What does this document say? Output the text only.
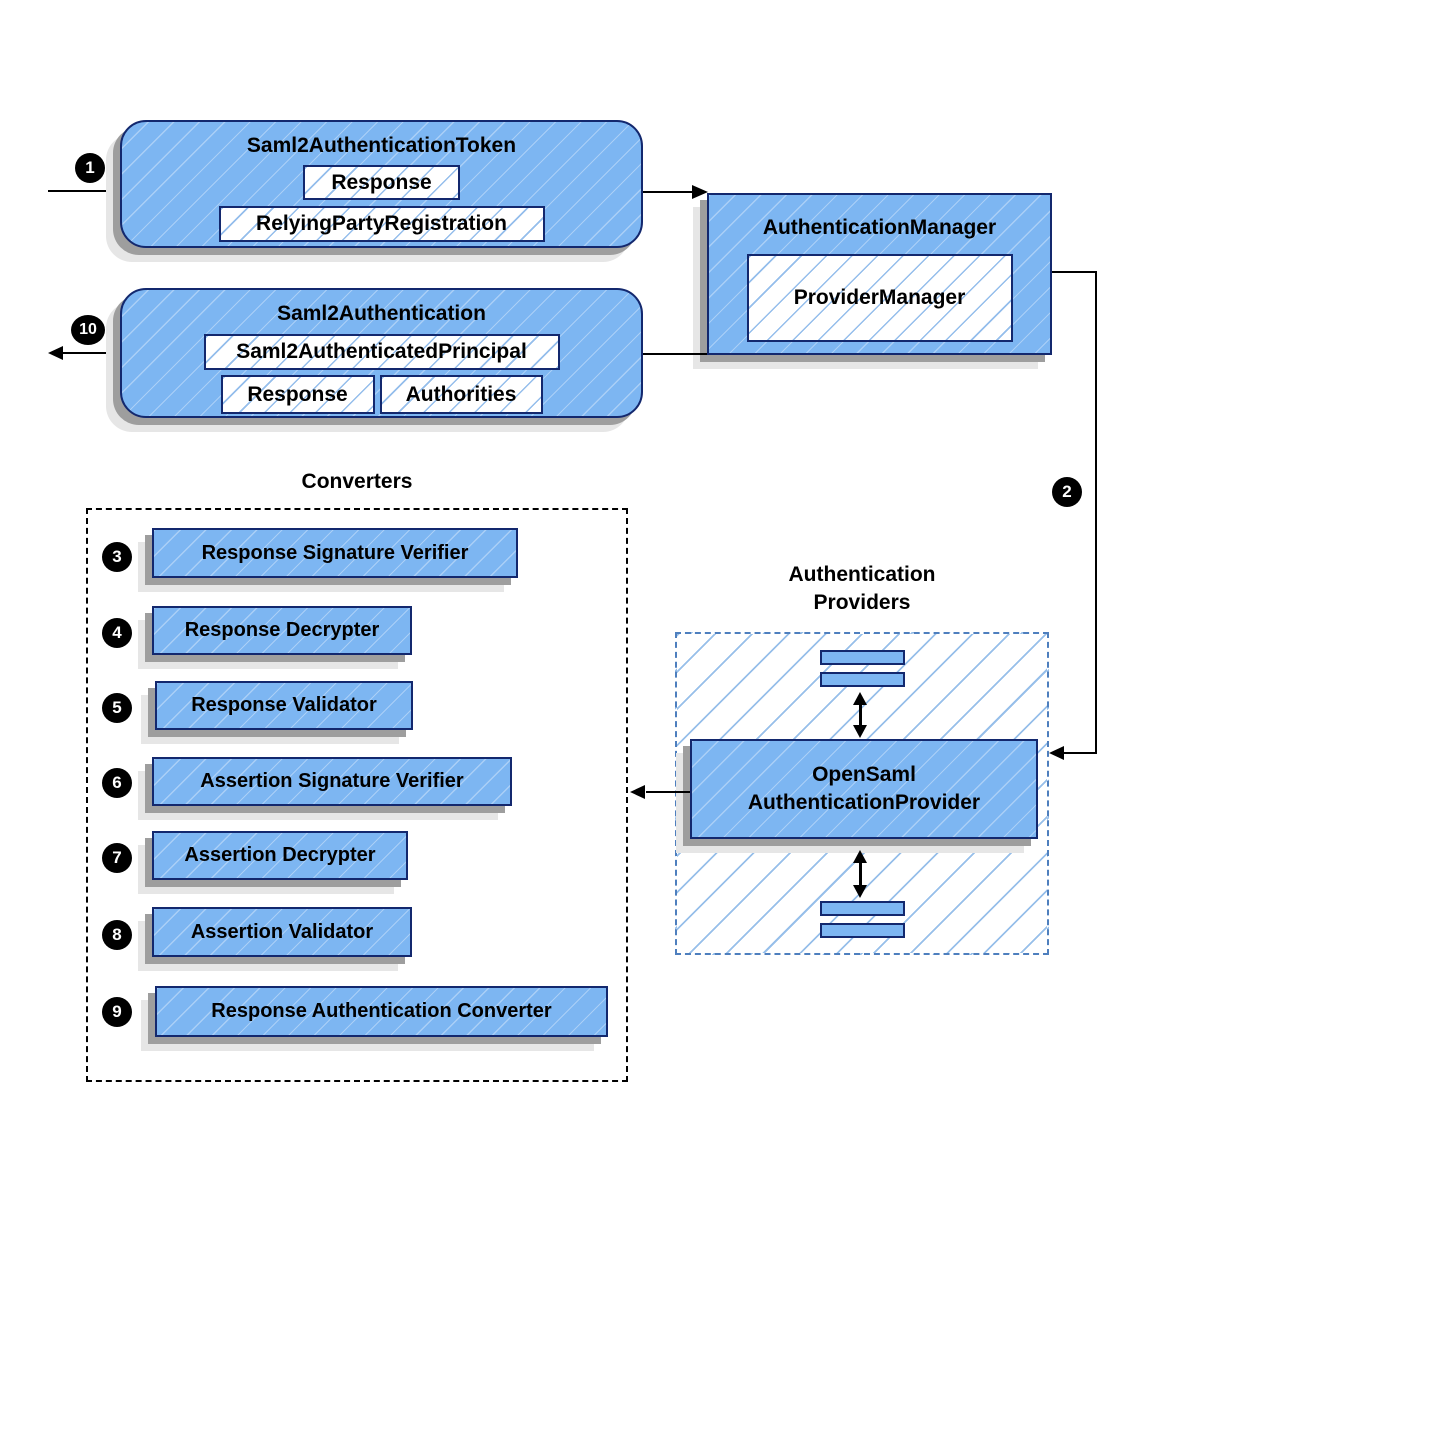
1
Saml2AuthenticationToken
Response
RelyingPartyRegistration	AuthenticationManager
ProviderManager
10
Saml2Authentication
Saml2AuthenticatedPrincipal
Response	Authorities
2
Converters
3	Response Signature Verifier
4	Response Decrypter
5	Response Validator
6	Assertion Signature Verifier
7	Assertion Decrypter
8	Assertion Validator
9	Response Authentication Converter
Authentication
Providers
OpenSaml
AuthenticationProvider
